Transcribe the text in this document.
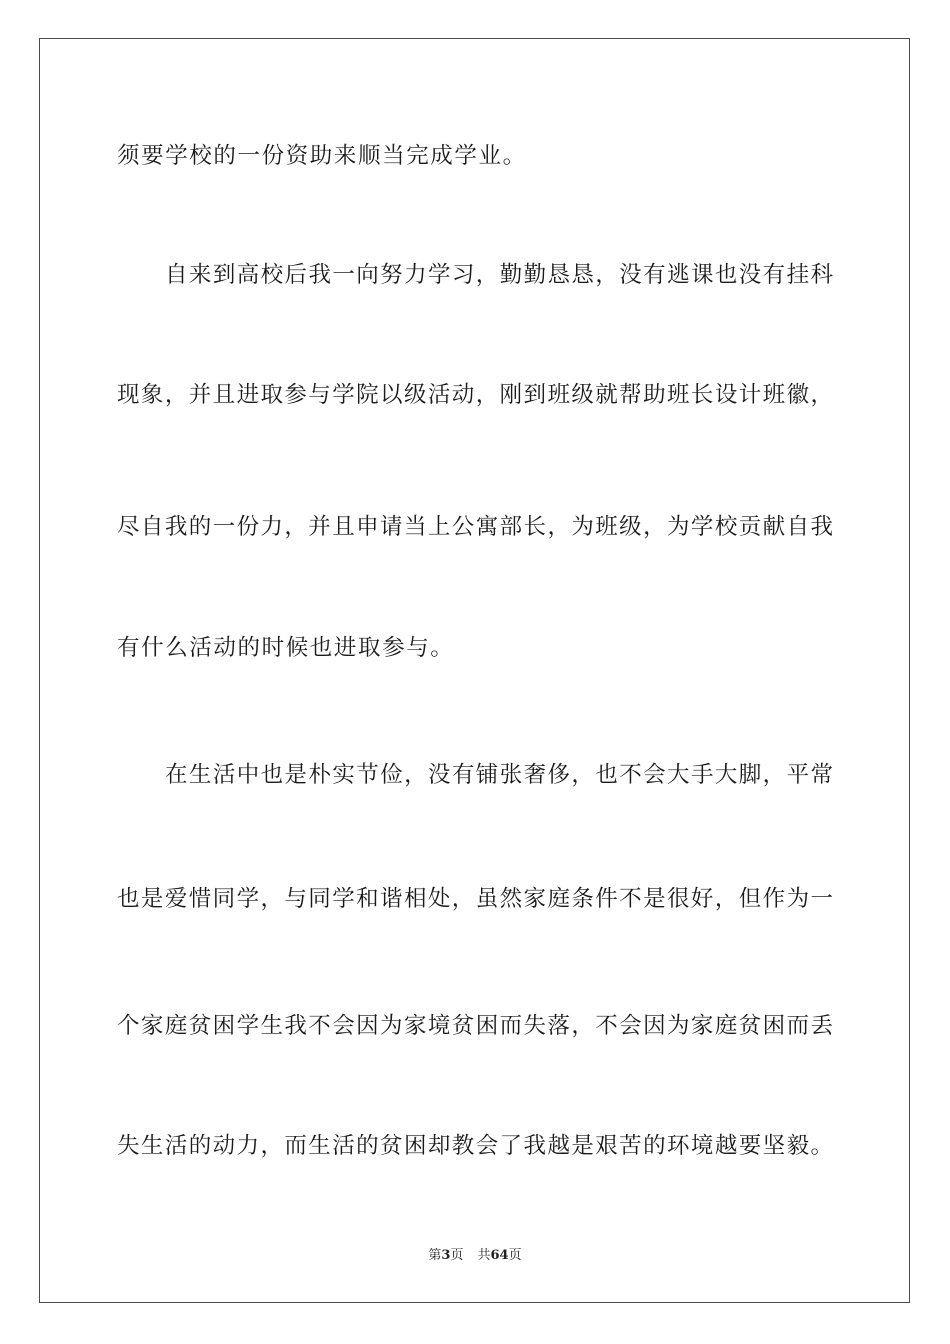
须要学校的一份资助来顺当完成学业。
自来到高校后我一向努力学习，勤勤恳恳，没有逃课也没有挂科
现象，并且进取参与学院以级活动，刚到班级就帮助班长设计班徽，
尽自我的一份力，并且申请当上公寓部长，为班级，为学校贡献自我
有什么活动的时候也进取参与。
在生活中也是朴实节俭，没有铺张奢侈，也不会大手大脚，平常
也是爱惜同学，与同学和谐相处，虽然家庭条件不是很好，但作为一
个家庭贫困学生我不会因为家境贫困而失落，不会因为家庭贫困而丢
失生活的动力，而生活的贫困却教会了我越是艰苦的环境越要坚毅。
第3页 共64页
